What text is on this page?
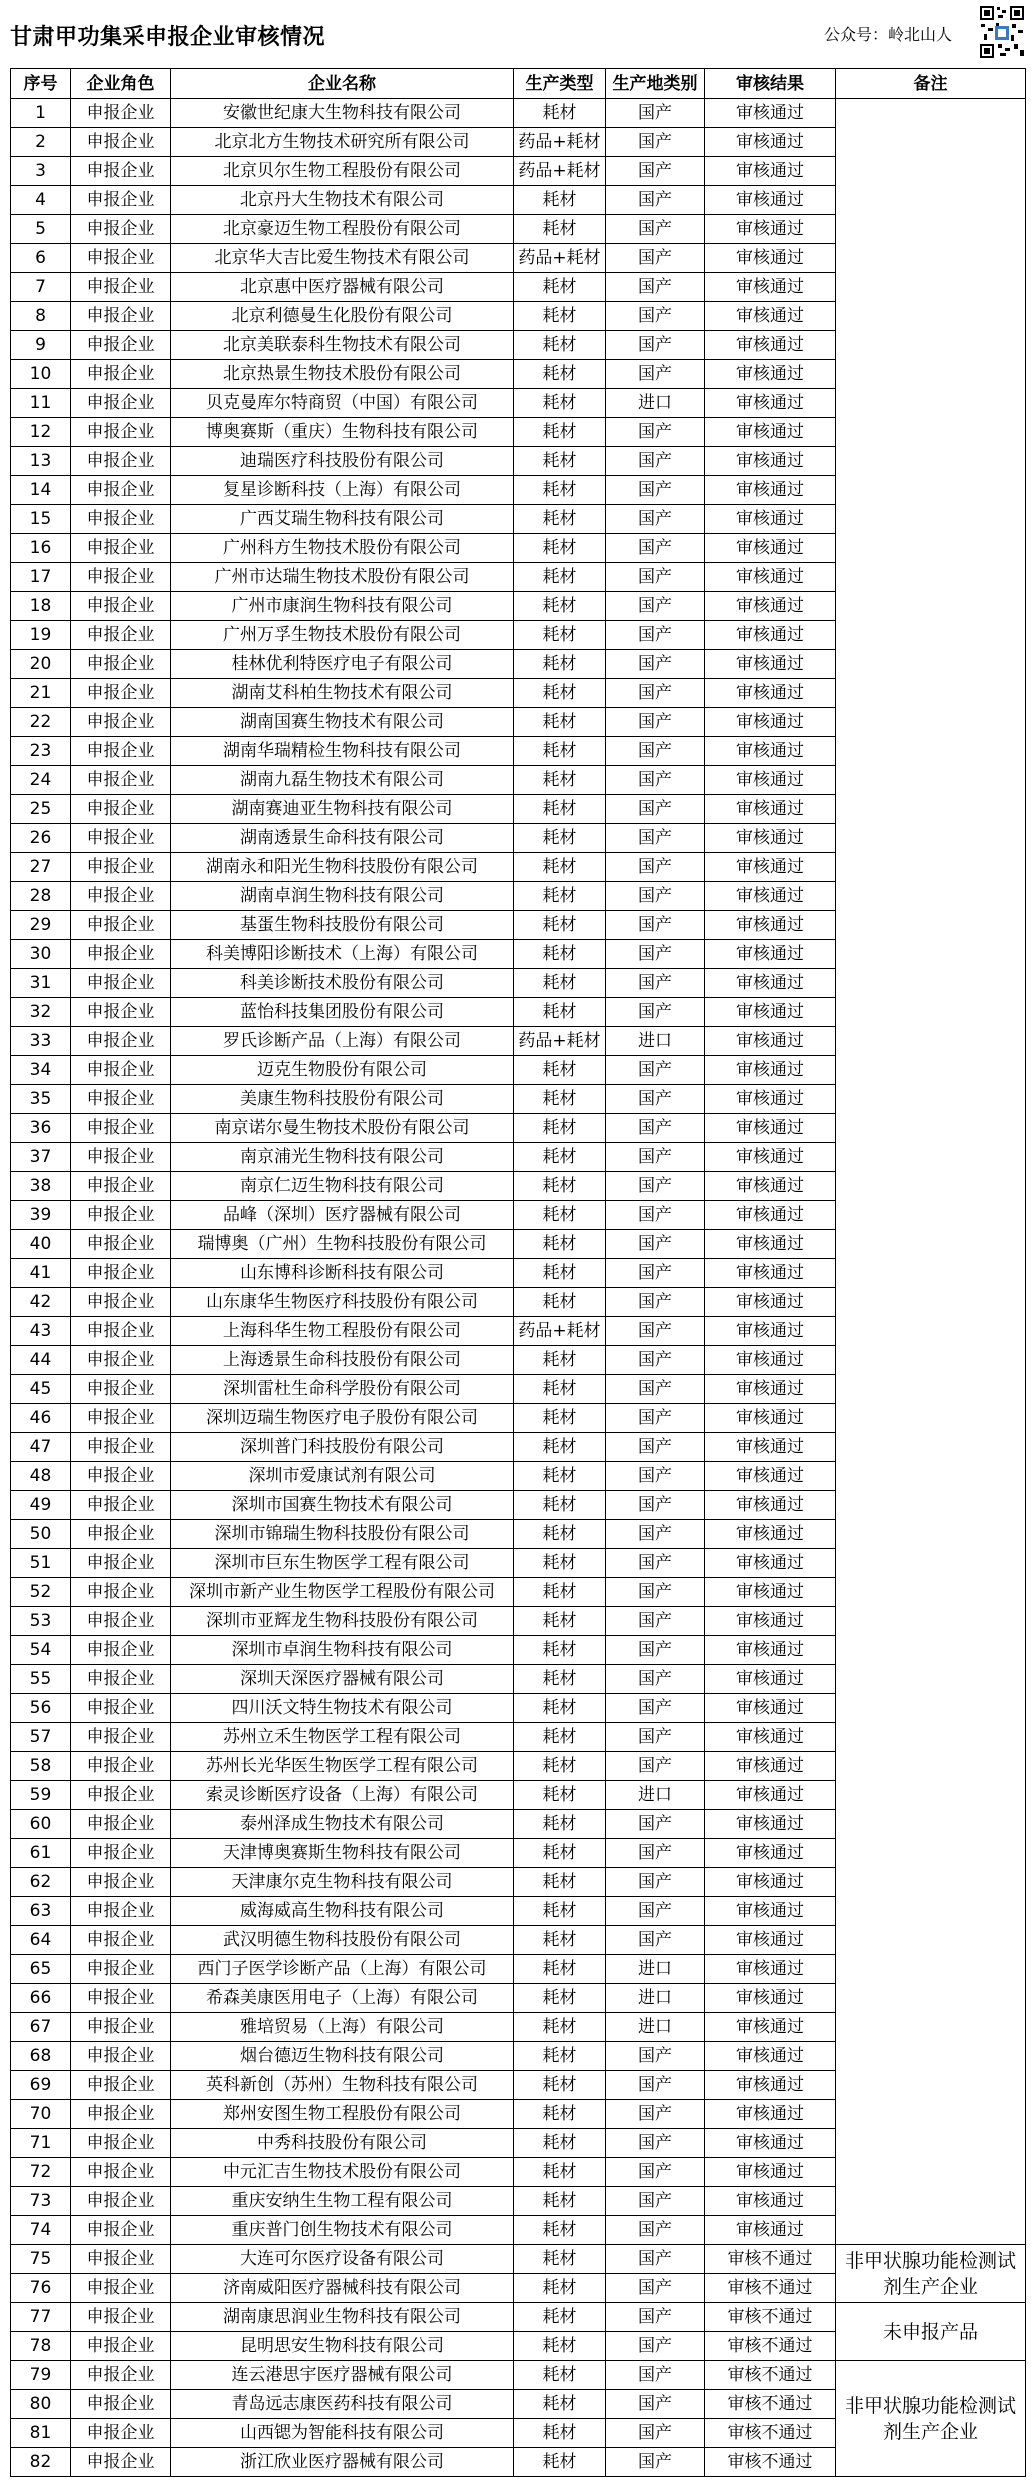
甘肃甲功集采申报企业审核情况	公众号：岭北山人
序号	企业角色	企业名称	生产类型	生产地类别	审核结果	备注
1	申报企业	安徽世纪康大生物科技有限公司	耗材	国产	审核通过	
2	申报企业	北京北方生物技术研究所有限公司	药品+耗材	国产	审核通过	
3	申报企业	北京贝尔生物工程股份有限公司	药品+耗材	国产	审核通过	
4	申报企业	北京丹大生物技术有限公司	耗材	国产	审核通过	
5	申报企业	北京豪迈生物工程股份有限公司	耗材	国产	审核通过	
6	申报企业	北京华大吉比爱生物技术有限公司	药品+耗材	国产	审核通过	
7	申报企业	北京惠中医疗器械有限公司	耗材	国产	审核通过	
8	申报企业	北京利德曼生化股份有限公司	耗材	国产	审核通过	
9	申报企业	北京美联泰科生物技术有限公司	耗材	国产	审核通过	
10	申报企业	北京热景生物技术股份有限公司	耗材	国产	审核通过	
11	申报企业	贝克曼库尔特商贸（中国）有限公司	耗材	进口	审核通过	
12	申报企业	博奥赛斯（重庆）生物科技有限公司	耗材	国产	审核通过	
13	申报企业	迪瑞医疗科技股份有限公司	耗材	国产	审核通过	
14	申报企业	复星诊断科技（上海）有限公司	耗材	国产	审核通过	
15	申报企业	广西艾瑞生物科技有限公司	耗材	国产	审核通过	
16	申报企业	广州科方生物技术股份有限公司	耗材	国产	审核通过	
17	申报企业	广州市达瑞生物技术股份有限公司	耗材	国产	审核通过	
18	申报企业	广州市康润生物科技有限公司	耗材	国产	审核通过	
19	申报企业	广州万孚生物技术股份有限公司	耗材	国产	审核通过	
20	申报企业	桂林优利特医疗电子有限公司	耗材	国产	审核通过	
21	申报企业	湖南艾科柏生物技术有限公司	耗材	国产	审核通过	
22	申报企业	湖南国赛生物技术有限公司	耗材	国产	审核通过	
23	申报企业	湖南华瑞精检生物科技有限公司	耗材	国产	审核通过	
24	申报企业	湖南九磊生物技术有限公司	耗材	国产	审核通过	
25	申报企业	湖南赛迪亚生物科技有限公司	耗材	国产	审核通过	
26	申报企业	湖南透景生命科技有限公司	耗材	国产	审核通过	
27	申报企业	湖南永和阳光生物科技股份有限公司	耗材	国产	审核通过	
28	申报企业	湖南卓润生物科技有限公司	耗材	国产	审核通过	
29	申报企业	基蛋生物科技股份有限公司	耗材	国产	审核通过	
30	申报企业	科美博阳诊断技术（上海）有限公司	耗材	国产	审核通过	
31	申报企业	科美诊断技术股份有限公司	耗材	国产	审核通过	
32	申报企业	蓝怡科技集团股份有限公司	耗材	国产	审核通过	
33	申报企业	罗氏诊断产品（上海）有限公司	药品+耗材	进口	审核通过	
34	申报企业	迈克生物股份有限公司	耗材	国产	审核通过	
35	申报企业	美康生物科技股份有限公司	耗材	国产	审核通过	
36	申报企业	南京诺尔曼生物技术股份有限公司	耗材	国产	审核通过	
37	申报企业	南京浦光生物科技有限公司	耗材	国产	审核通过	
38	申报企业	南京仁迈生物科技有限公司	耗材	国产	审核通过	
39	申报企业	品峰（深圳）医疗器械有限公司	耗材	国产	审核通过	
40	申报企业	瑞博奥（广州）生物科技股份有限公司	耗材	国产	审核通过	
41	申报企业	山东博科诊断科技有限公司	耗材	国产	审核通过	
42	申报企业	山东康华生物医疗科技股份有限公司	耗材	国产	审核通过	
43	申报企业	上海科华生物工程股份有限公司	药品+耗材	国产	审核通过	
44	申报企业	上海透景生命科技股份有限公司	耗材	国产	审核通过	
45	申报企业	深圳雷杜生命科学股份有限公司	耗材	国产	审核通过	
46	申报企业	深圳迈瑞生物医疗电子股份有限公司	耗材	国产	审核通过	
47	申报企业	深圳普门科技股份有限公司	耗材	国产	审核通过	
48	申报企业	深圳市爱康试剂有限公司	耗材	国产	审核通过	
49	申报企业	深圳市国赛生物技术有限公司	耗材	国产	审核通过	
50	申报企业	深圳市锦瑞生物科技股份有限公司	耗材	国产	审核通过	
51	申报企业	深圳市巨东生物医学工程有限公司	耗材	国产	审核通过	
52	申报企业	深圳市新产业生物医学工程股份有限公司	耗材	国产	审核通过	
53	申报企业	深圳市亚辉龙生物科技股份有限公司	耗材	国产	审核通过	
54	申报企业	深圳市卓润生物科技有限公司	耗材	国产	审核通过	
55	申报企业	深圳天深医疗器械有限公司	耗材	国产	审核通过	
56	申报企业	四川沃文特生物技术有限公司	耗材	国产	审核通过	
57	申报企业	苏州立禾生物医学工程有限公司	耗材	国产	审核通过	
58	申报企业	苏州长光华医生物医学工程有限公司	耗材	国产	审核通过	
59	申报企业	索灵诊断医疗设备（上海）有限公司	耗材	进口	审核通过	
60	申报企业	泰州泽成生物技术有限公司	耗材	国产	审核通过	
61	申报企业	天津博奥赛斯生物科技有限公司	耗材	国产	审核通过	
62	申报企业	天津康尔克生物科技有限公司	耗材	国产	审核通过	
63	申报企业	威海威高生物科技有限公司	耗材	国产	审核通过	
64	申报企业	武汉明德生物科技股份有限公司	耗材	国产	审核通过	
65	申报企业	西门子医学诊断产品（上海）有限公司	耗材	进口	审核通过	
66	申报企业	希森美康医用电子（上海）有限公司	耗材	进口	审核通过	
67	申报企业	雅培贸易（上海）有限公司	耗材	进口	审核通过	
68	申报企业	烟台德迈生物科技有限公司	耗材	国产	审核通过	
69	申报企业	英科新创（苏州）生物科技有限公司	耗材	国产	审核通过	
70	申报企业	郑州安图生物工程股份有限公司	耗材	国产	审核通过	
71	申报企业	中秀科技股份有限公司	耗材	国产	审核通过	
72	申报企业	中元汇吉生物技术股份有限公司	耗材	国产	审核通过	
73	申报企业	重庆安纳生生物工程有限公司	耗材	国产	审核通过	
74	申报企业	重庆普门创生物技术有限公司	耗材	国产	审核通过	
75	申报企业	大连可尔医疗设备有限公司	耗材	国产	审核不通过	非甲状腺功能检测试剂生产企业
76	申报企业	济南威阳医疗器械科技有限公司	耗材	国产	审核不通过	
77	申报企业	湖南康思润业生物科技有限公司	耗材	国产	审核不通过	未申报产品
78	申报企业	昆明思安生物科技有限公司	耗材	国产	审核不通过	
79	申报企业	连云港思宇医疗器械有限公司	耗材	国产	审核不通过	非甲状腺功能检测试剂生产企业
80	申报企业	青岛远志康医药科技有限公司	耗材	国产	审核不通过	
81	申报企业	山西锶为智能科技有限公司	耗材	国产	审核不通过	
82	申报企业	浙江欣业医疗器械有限公司	耗材	国产	审核不通过	
